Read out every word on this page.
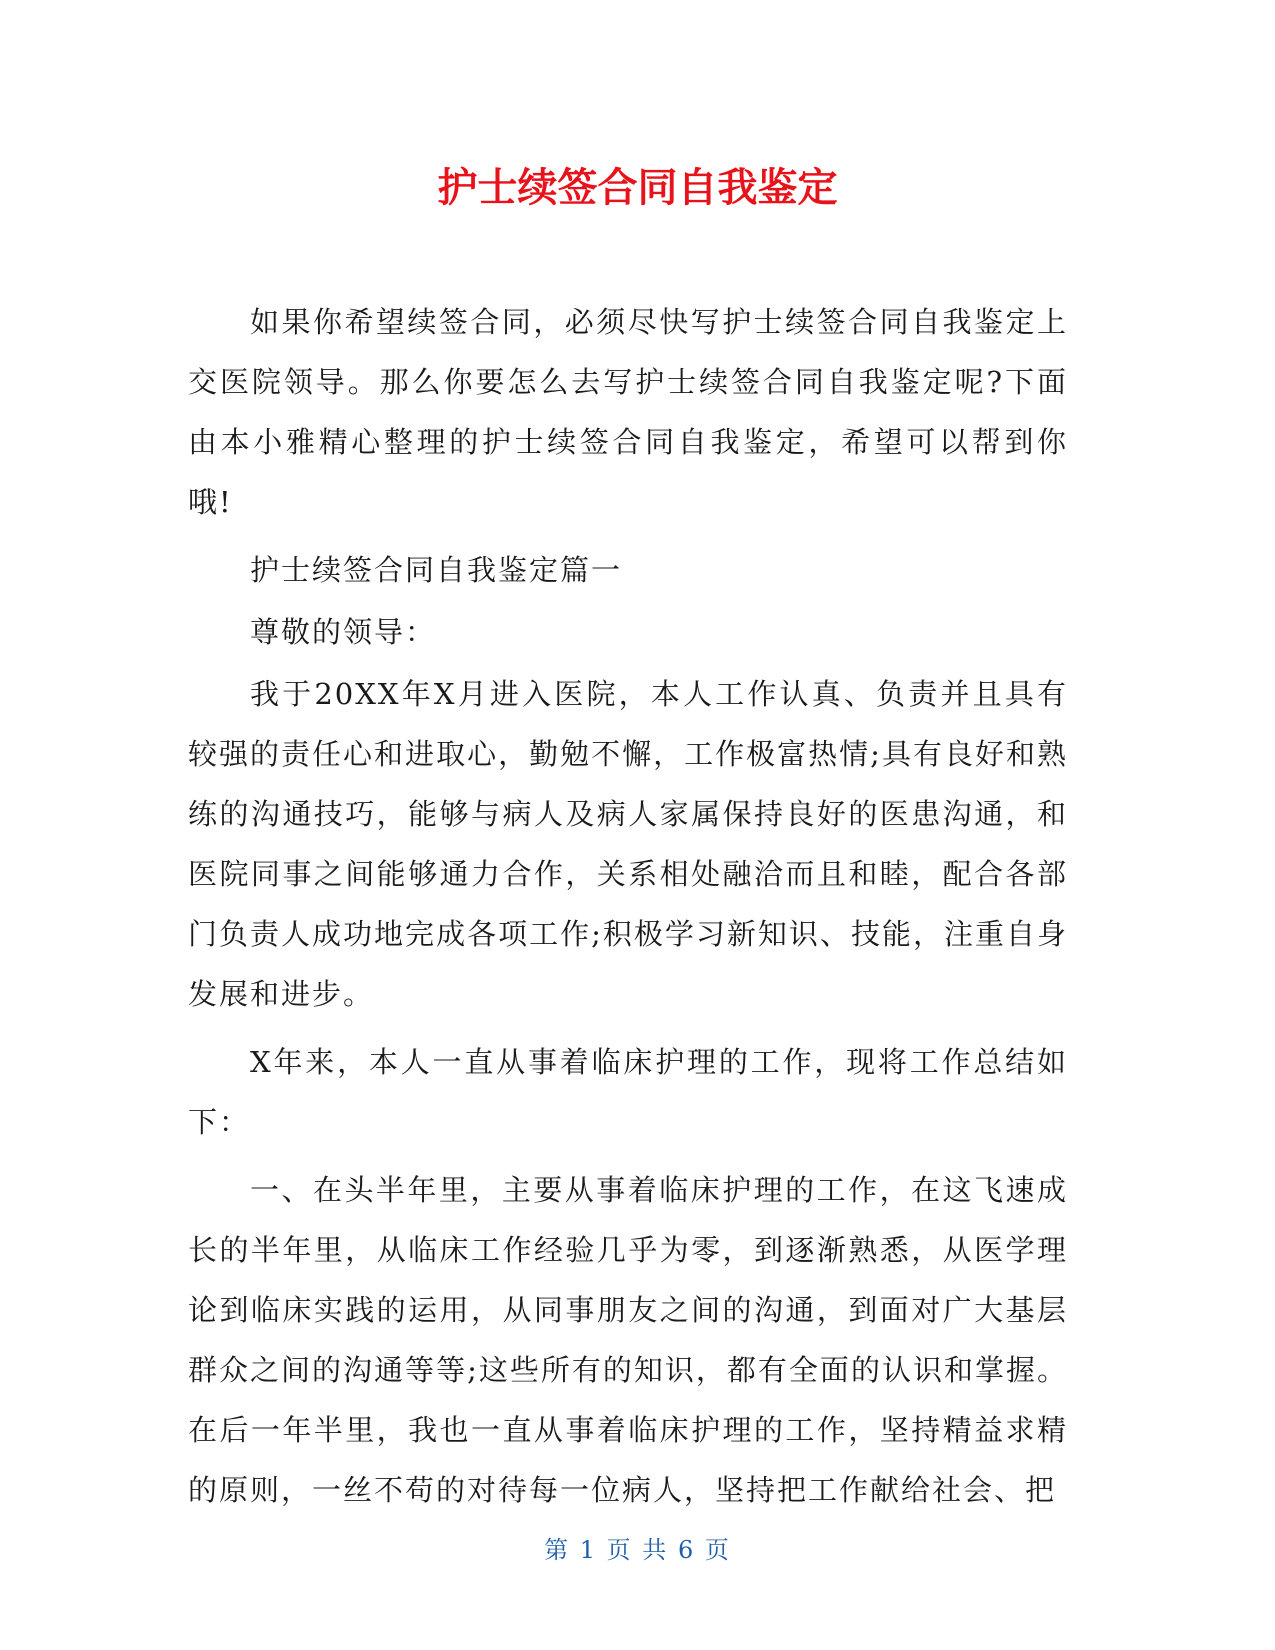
护士续签合同自我鉴定

如果你希望续签合同，必须尽快写护士续签合同自我鉴定上交医院领导。那么你要怎么去写护士续签合同自我鉴定呢?下面由本小雅精心整理的护士续签合同自我鉴定，希望可以帮到你哦!

护士续签合同自我鉴定篇一

尊敬的领导：

我于20XX年X月进入医院，本人工作认真、负责并且具有较强的责任心和进取心，勤勉不懈，工作极富热情;具有良好和熟练的沟通技巧，能够与病人及病人家属保持良好的医患沟通，和医院同事之间能够通力合作，关系相处融洽而且和睦，配合各部门负责人成功地完成各项工作;积极学习新知识、技能，注重自身发展和进步。

X年来，本人一直从事着临床护理的工作，现将工作总结如下：

一、在头半年里，主要从事着临床护理的工作，在这飞速成长的半年里，从临床工作经验几乎为零，到逐渐熟悉，从医学理论到临床实践的运用，从同事朋友之间的沟通，到面对广大基层群众之间的沟通等等;这些所有的知识，都有全面的认识和掌握。在后一年半里，我也一直从事着临床护理的工作，坚持精益求精的原则，一丝不苟的对待每一位病人，坚持把工作献给社会、把

第 1 页 共 6 页
